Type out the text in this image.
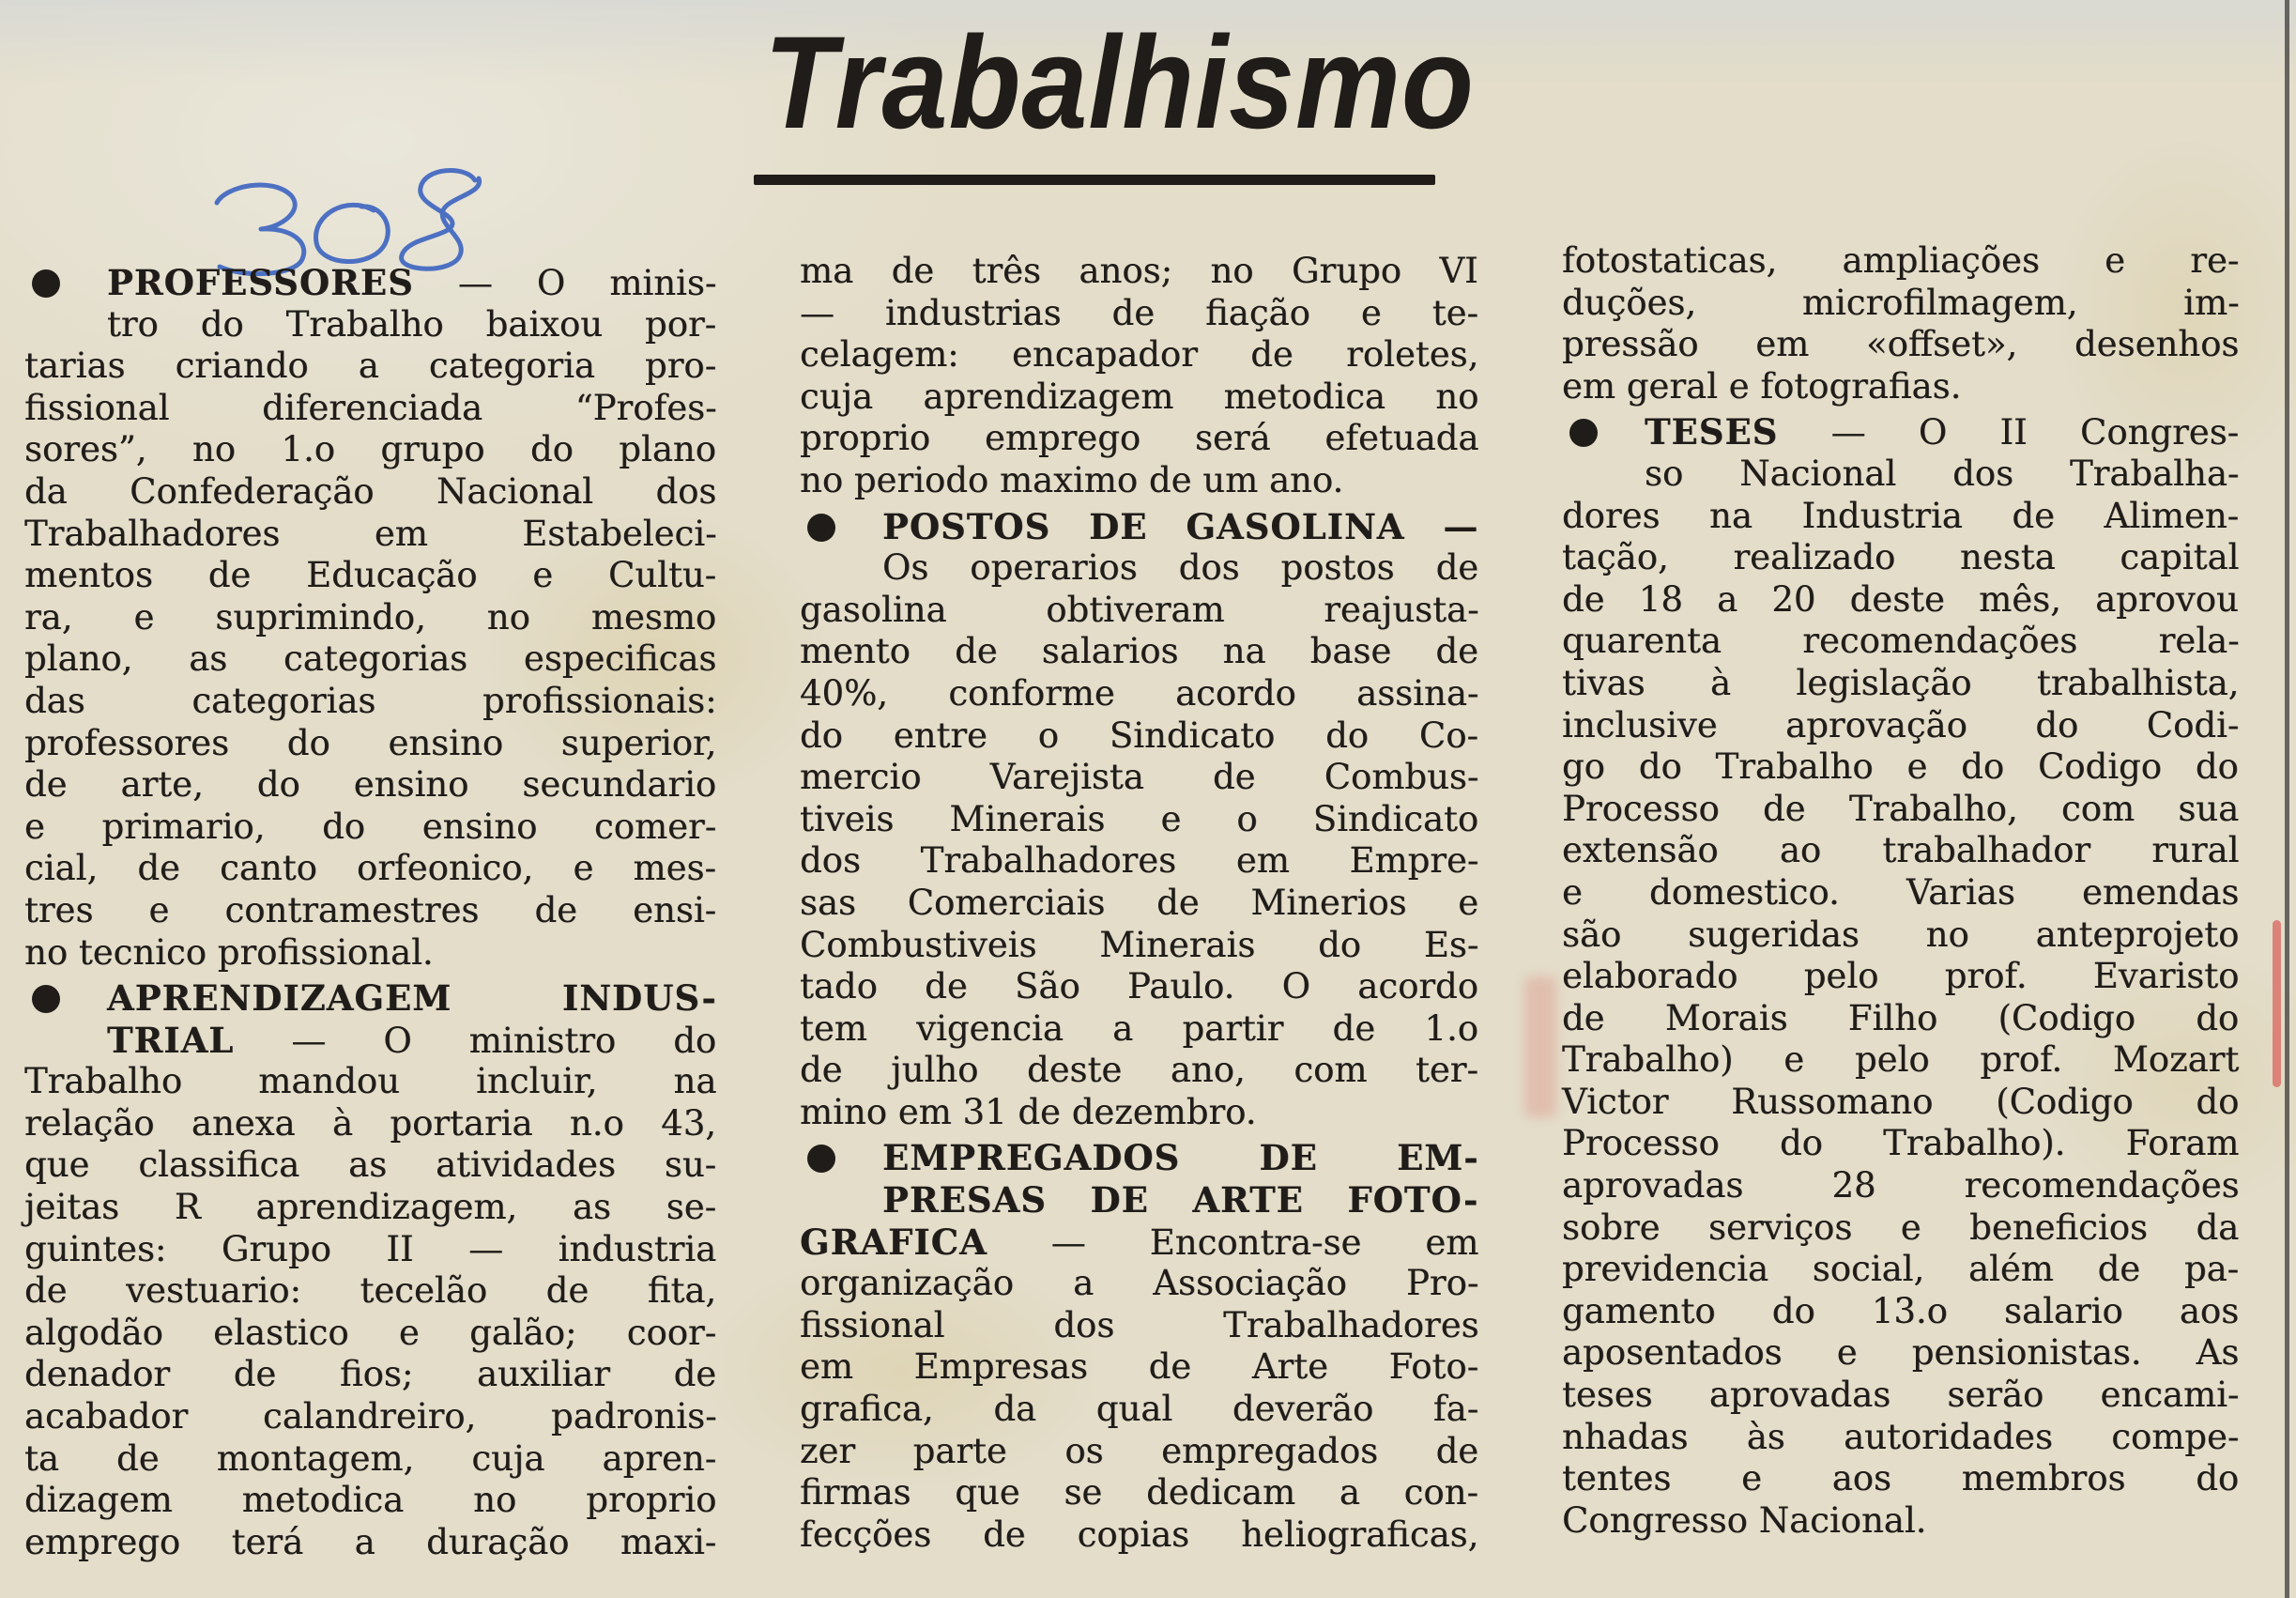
Trabalhismo
PROFESSORES — O minis-
tro do Trabalho baixou por-
tarias criando a categoria pro-
fissional diferenciada “Profes-
sores”, no 1.o grupo do plano
da Confederação Nacional dos
Trabalhadores em Estabeleci-
mentos de Educação e Cultu-
ra, e suprimindo, no mesmo
plano, as categorias especificas
das categorias profissionais:
professores do ensino superior,
de arte, do ensino secundario
e primario, do ensino comer-
cial, de canto orfeonico, e mes-
tres e contramestres de ensi-
no tecnico profissional.
APRENDIZAGEM INDUS-
TRIAL — O ministro do
Trabalho mandou incluir, na
relação anexa à portaria n.o 43,
que classifica as atividades su-
jeitas R aprendizagem, as se-
guintes: Grupo II — industria
de vestuario: tecelão de fita,
algodão elastico e galão; coor-
denador de fios; auxiliar de
acabador calandreiro, padronis-
ta de montagem, cuja apren-
dizagem metodica no proprio
emprego terá a duração maxi-
ma de três anos; no Grupo VI
— industrias de fiação e te-
celagem: encapador de roletes,
cuja aprendizagem metodica no
proprio emprego será efetuada
no periodo maximo de um ano.
POSTOS DE GASOLINA —
Os operarios dos postos de
gasolina obtiveram reajusta-
mento de salarios na base de
40%, conforme acordo assina-
do entre o Sindicato do Co-
mercio Varejista de Combus-
tiveis Minerais e o Sindicato
dos Trabalhadores em Empre-
sas Comerciais de Minerios e
Combustiveis Minerais do Es-
tado de São Paulo. O acordo
tem vigencia a partir de 1.o
de julho deste ano, com ter-
mino em 31 de dezembro.
EMPREGADOS DE EM-
PRESAS DE ARTE FOTO-
GRAFICA — Encontra-se em
organização a Associação Pro-
fissional dos Trabalhadores
em Empresas de Arte Foto-
grafica, da qual deverão fa-
zer parte os empregados de
firmas que se dedicam a con-
fecções de copias heliograficas,
fotostaticas, ampliações e re-
duções, microfilmagem, im-
pressão em «offset», desenhos
em geral e fotografias.
TESES — O II Congres-
so Nacional dos Trabalha-
dores na Industria de Alimen-
tação, realizado nesta capital
de 18 a 20 deste mês, aprovou
quarenta recomendações rela-
tivas à legislação trabalhista,
inclusive aprovação do Codi-
go do Trabalho e do Codigo do
Processo de Trabalho, com sua
extensão ao trabalhador rural
e domestico. Varias emendas
são sugeridas no anteprojeto
elaborado pelo prof. Evaristo
de Morais Filho (Codigo do
Trabalho) e pelo prof. Mozart
Victor Russomano (Codigo do
Processo do Trabalho). Foram
aprovadas 28 recomendações
sobre serviços e beneficios da
previdencia social, além de pa-
gamento do 13.o salario aos
aposentados e pensionistas. As
teses aprovadas serão encami-
nhadas às autoridades compe-
tentes e aos membros do
Congresso Nacional.
